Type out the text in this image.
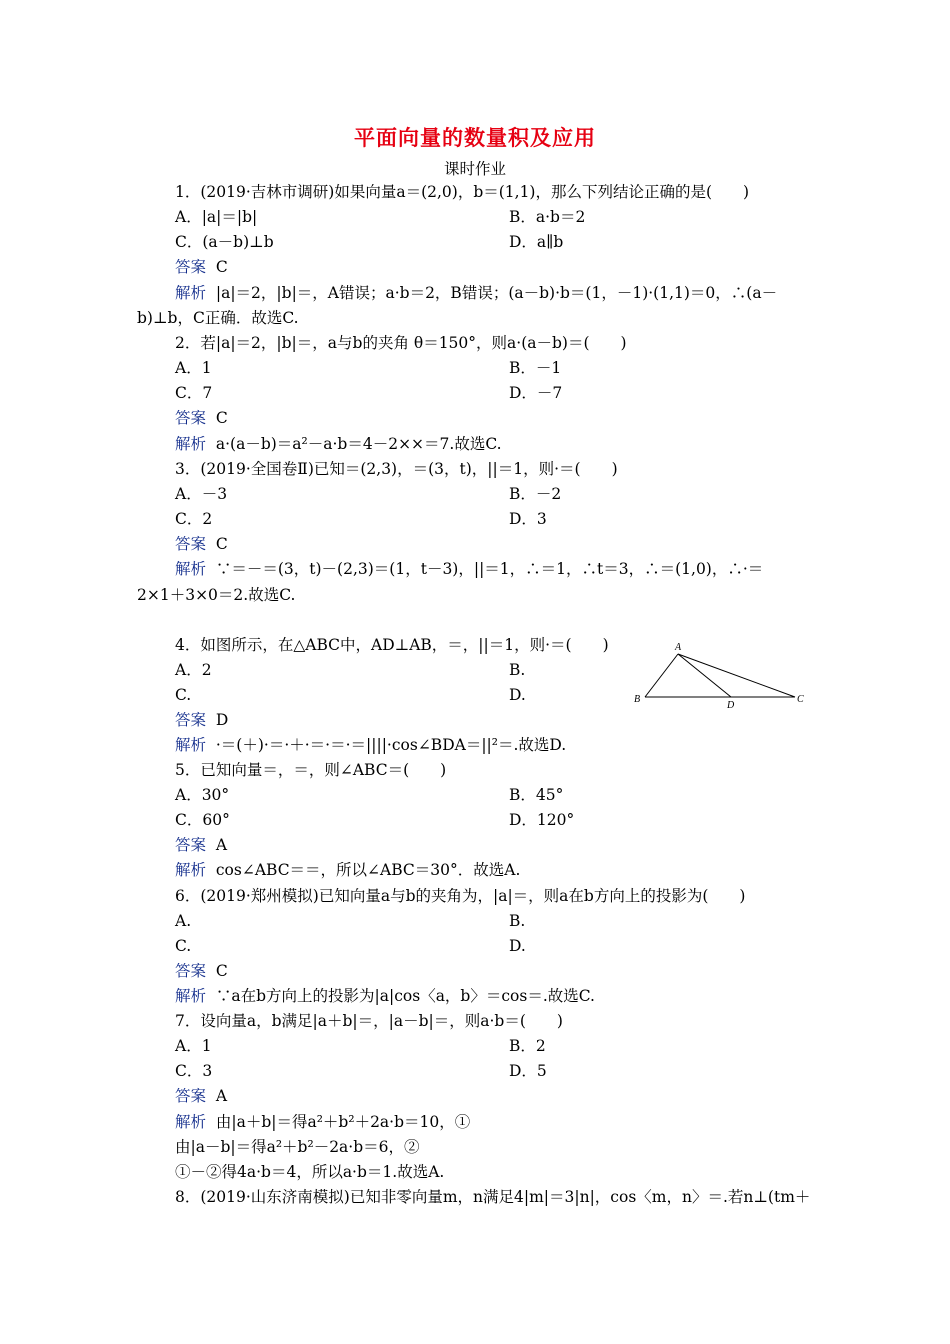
平面向量的数量积及应用
课时作业
1．(2019·吉林市调研)如果向量a＝(2,0)，b＝(1,1)，那么下列结论正确的是(　　)
A．|a|＝|b|	B．a·b＝2
C．(a－b)⊥b	D．a∥b
答案 C
解析 |a|＝2，|b|＝，A错误；a·b＝2，B错误；(a－b)·b＝(1，－1)·(1,1)＝0，∴(a－
b)⊥b，C正确．故选C.
2．若|a|＝2，|b|＝，a与b的夹角 θ＝150°，则a·(a－b)＝(　　)
A．1	B．－1
C．7	D．－7
答案 C
解析 a·(a－b)＝a²－a·b＝4－2××＝7.故选C.
3．(2019·全国卷Ⅱ)已知＝(2,3)，＝(3，t)，||＝1，则·＝(　　)
A．－3	B．－2
C．2	D．3
答案 C
解析 ∵＝－＝(3，t)－(2,3)＝(1，t－3)，||＝1，∴＝1，∴t＝3，∴＝(1,0)，∴·＝
2×1＋3×0＝2.故选C.
4．如图所示，在△ABC中，AD⊥AB，＝，||＝1，则·＝(　　)
A．2	B.
C.	D.
答案 D
解析 ·＝(＋)·＝·＋·＝·＝·＝||||·cos∠BDA＝||²＝.故选D.
A
B
D
C
5．已知向量＝，＝，则∠ABC＝(　　)
A．30°	B．45°
C．60°	D．120°
答案 A
解析 cos∠ABC＝＝，所以∠ABC＝30°．故选A.
6．(2019·郑州模拟)已知向量a与b的夹角为，|a|＝，则a在b方向上的投影为(　　)
A.	B.
C.	D.
答案 C
解析 ∵a在b方向上的投影为|a|cos〈a，b〉＝cos＝.故选C.
7．设向量a，b满足|a＋b|＝，|a－b|＝，则a·b＝(　　)
A．1	B．2
C．3	D．5
答案 A
解析 由|a＋b|＝得a²＋b²＋2a·b＝10，①
由|a－b|＝得a²＋b²－2a·b＝6，②
①－②得4a·b＝4，所以a·b＝1.故选A.
8．(2019·山东济南模拟)已知非零向量m，n满足4|m|＝3|n|，cos〈m，n〉＝.若n⊥(tm＋
